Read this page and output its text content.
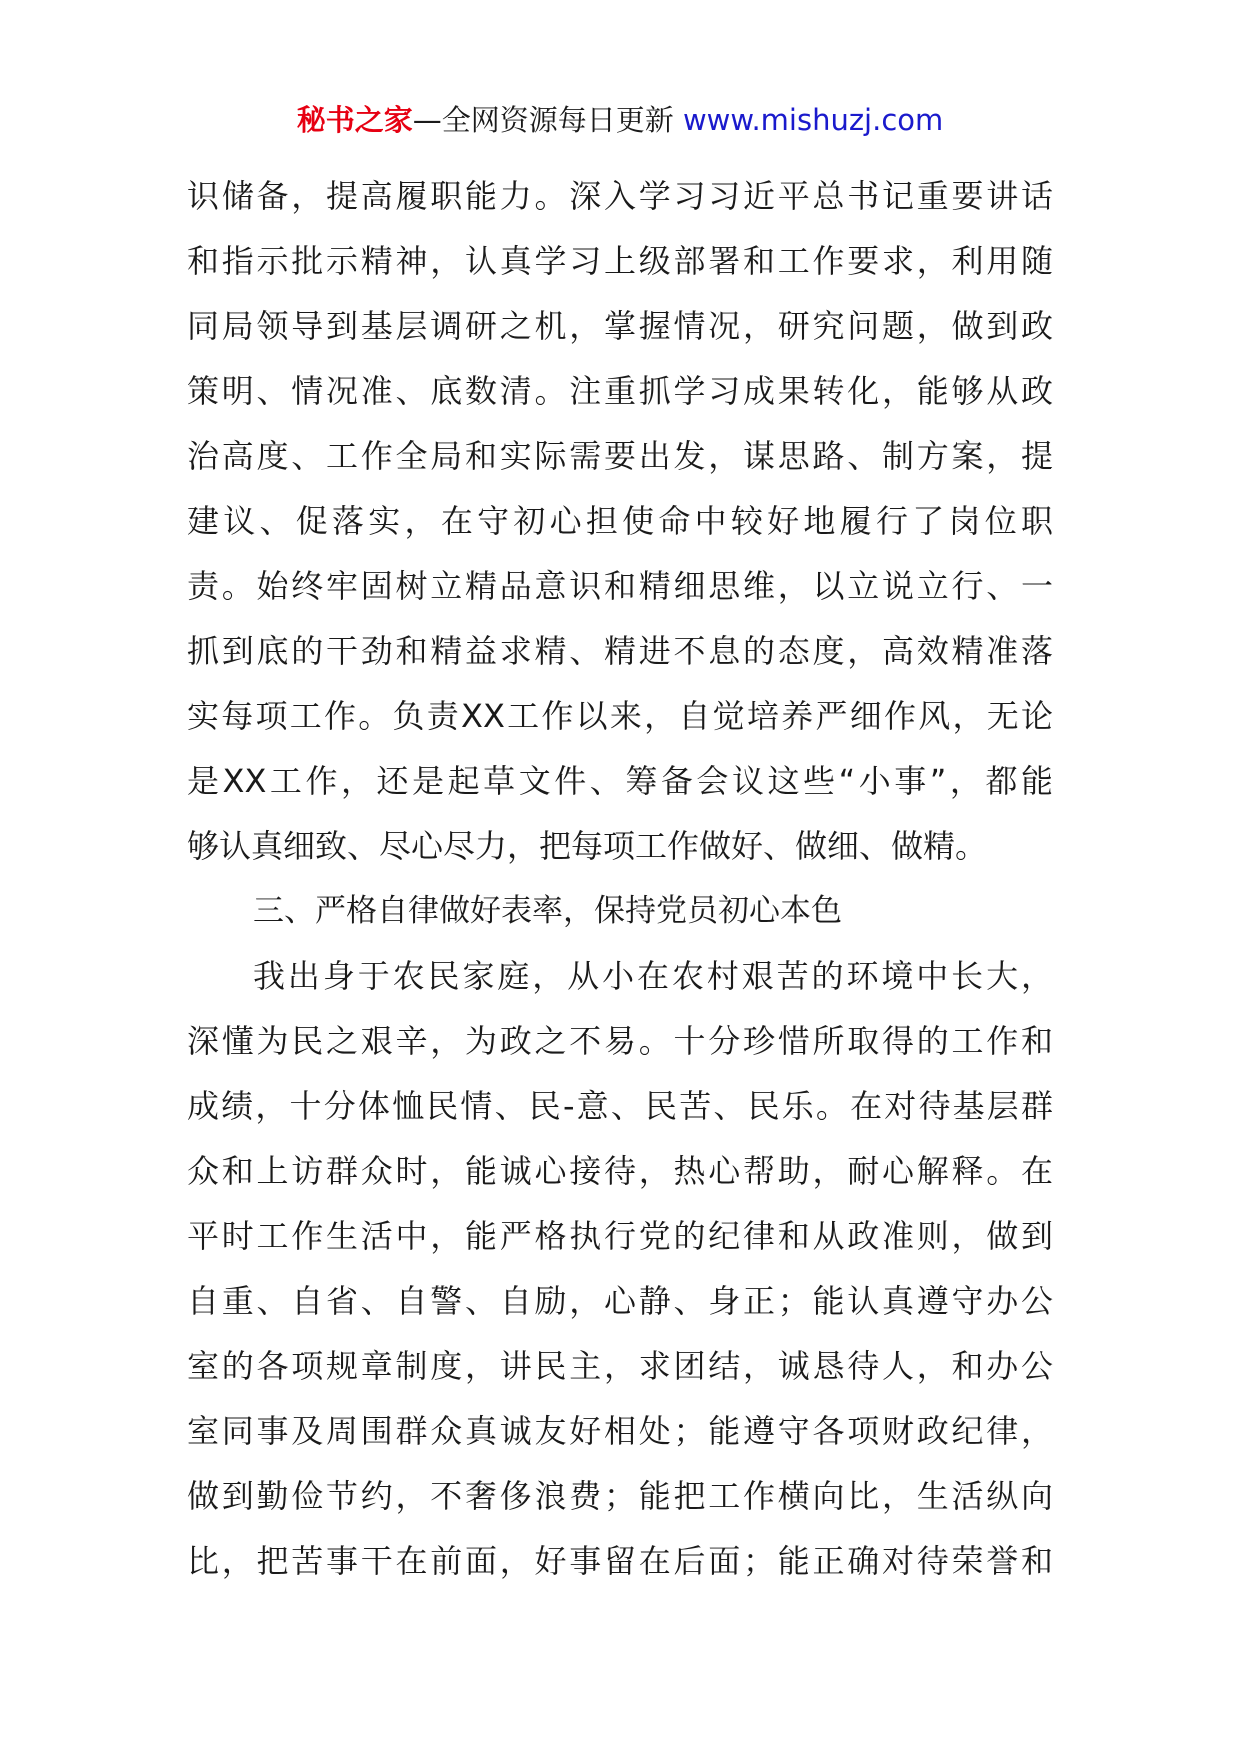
秘书之家—全网资源每日更新 www.mishuzj.com
识储备，提高履职能力。深入学习习近平总书记重要讲话
和指示批示精神，认真学习上级部署和工作要求，利用随
同局领导到基层调研之机，掌握情况，研究问题，做到政
策明、情况准、底数清。注重抓学习成果转化，能够从政
治高度、工作全局和实际需要出发，谋思路、制方案，提
建议、促落实，在守初心担使命中较好地履行了岗位职
责。始终牢固树立精品意识和精细思维，以立说立行、一
抓到底的干劲和精益求精、精进不息的态度，高效精准落
实每项工作。负责XX工作以来，自觉培养严细作风，无论
是XX工作，还是起草文件、筹备会议这些“小事”，都能
够认真细致、尽心尽力，把每项工作做好、做细、做精。
三、严格自律做好表率，保持党员初心本色
我出身于农民家庭，从小在农村艰苦的环境中长大，
深懂为民之艰辛，为政之不易。十分珍惜所取得的工作和
成绩，十分体恤民情、民-意、民苦、民乐。在对待基层群
众和上访群众时，能诚心接待，热心帮助，耐心解释。在
平时工作生活中，能严格执行党的纪律和从政准则，做到
自重、自省、自警、自励，心静、身正；能认真遵守办公
室的各项规章制度，讲民主，求团结，诚恳待人，和办公
室同事及周围群众真诚友好相处；能遵守各项财政纪律，
做到勤俭节约，不奢侈浪费；能把工作横向比，生活纵向
比，把苦事干在前面，好事留在后面；能正确对待荣誉和
